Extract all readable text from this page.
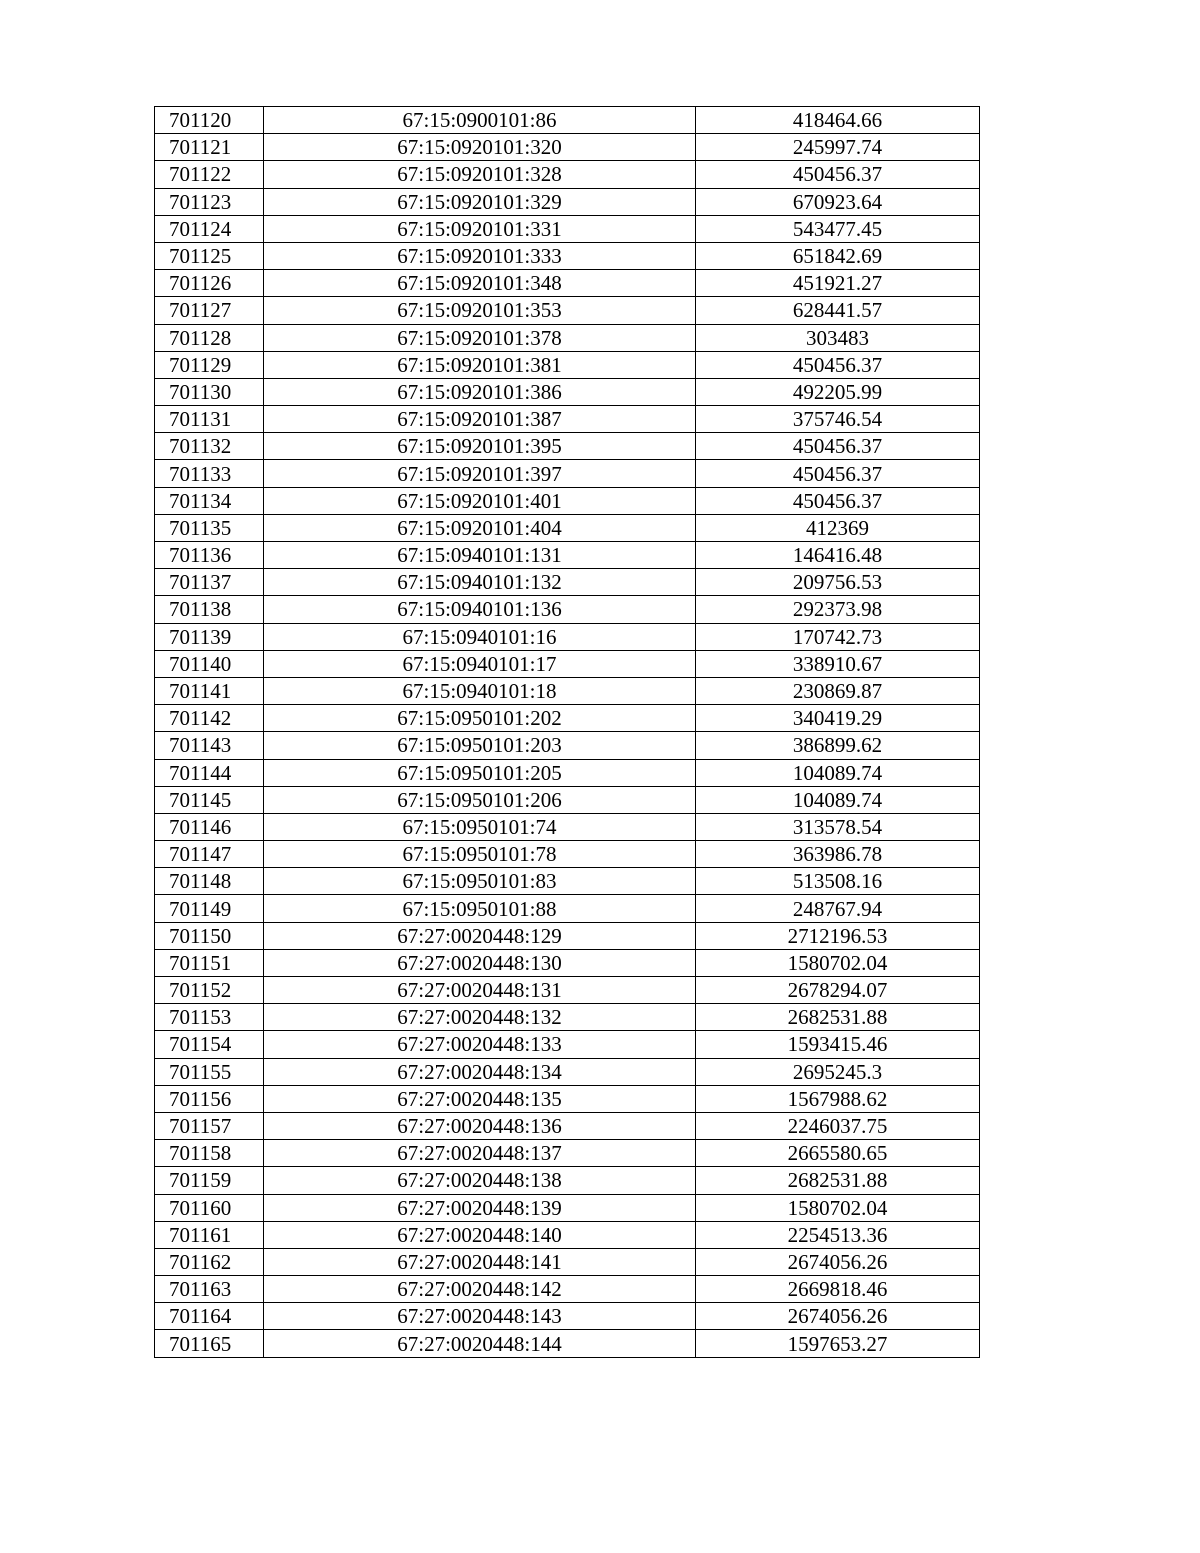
701120	67:15:0900101:86	418464.66
701121	67:15:0920101:320	245997.74
701122	67:15:0920101:328	450456.37
701123	67:15:0920101:329	670923.64
701124	67:15:0920101:331	543477.45
701125	67:15:0920101:333	651842.69
701126	67:15:0920101:348	451921.27
701127	67:15:0920101:353	628441.57
701128	67:15:0920101:378	303483
701129	67:15:0920101:381	450456.37
701130	67:15:0920101:386	492205.99
701131	67:15:0920101:387	375746.54
701132	67:15:0920101:395	450456.37
701133	67:15:0920101:397	450456.37
701134	67:15:0920101:401	450456.37
701135	67:15:0920101:404	412369
701136	67:15:0940101:131	146416.48
701137	67:15:0940101:132	209756.53
701138	67:15:0940101:136	292373.98
701139	67:15:0940101:16	170742.73
701140	67:15:0940101:17	338910.67
701141	67:15:0940101:18	230869.87
701142	67:15:0950101:202	340419.29
701143	67:15:0950101:203	386899.62
701144	67:15:0950101:205	104089.74
701145	67:15:0950101:206	104089.74
701146	67:15:0950101:74	313578.54
701147	67:15:0950101:78	363986.78
701148	67:15:0950101:83	513508.16
701149	67:15:0950101:88	248767.94
701150	67:27:0020448:129	2712196.53
701151	67:27:0020448:130	1580702.04
701152	67:27:0020448:131	2678294.07
701153	67:27:0020448:132	2682531.88
701154	67:27:0020448:133	1593415.46
701155	67:27:0020448:134	2695245.3
701156	67:27:0020448:135	1567988.62
701157	67:27:0020448:136	2246037.75
701158	67:27:0020448:137	2665580.65
701159	67:27:0020448:138	2682531.88
701160	67:27:0020448:139	1580702.04
701161	67:27:0020448:140	2254513.36
701162	67:27:0020448:141	2674056.26
701163	67:27:0020448:142	2669818.46
701164	67:27:0020448:143	2674056.26
701165	67:27:0020448:144	1597653.27
